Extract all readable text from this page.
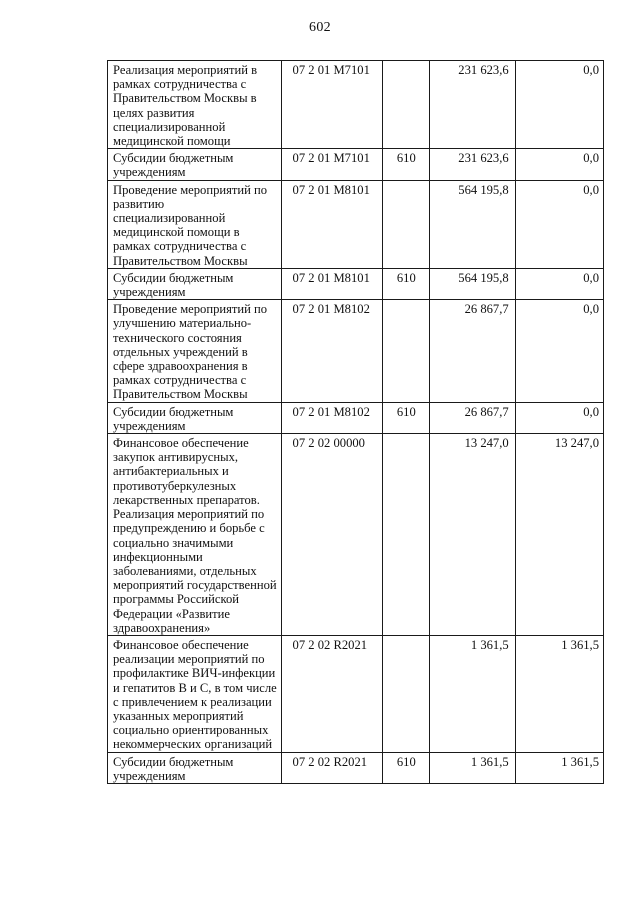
602
Реализация мероприятий в рамках сотрудничества с Правительством Москвы в целях развития специализированной медицинской помощи	07 2 01 M7101		231 623,6	0,0
Субсидии бюджетным учреждениям	07 2 01 M7101	610	231 623,6	0,0
Проведение мероприятий по развитию специализированной медицинской помощи в рамках сотрудничества с Правительством Москвы	07 2 01 M8101		564 195,8	0,0
Субсидии бюджетным учреждениям	07 2 01 M8101	610	564 195,8	0,0
Проведение мероприятий по улучшению материально-технического состояния отдельных учреждений в сфере здравоохранения в рамках сотрудничества с Правительством Москвы	07 2 01 M8102		26 867,7	0,0
Субсидии бюджетным учреждениям	07 2 01 M8102	610	26 867,7	0,0
Финансовое обеспечение закупок антивирусных, антибактериальных и противотуберкулезных лекарственных препаратов. Реализация мероприятий по предупреждению и борьбе с социально значимыми инфекционными заболеваниями, отдельных мероприятий государственной программы Российской Федерации «Развитие здравоохранения»	07 2 02 00000		13 247,0	13 247,0
Финансовое обеспечение реализации мероприятий по профилактике ВИЧ-инфекции и гепатитов B и C, в том числе с привлечением к реализации указанных мероприятий социально ориентированных некоммерческих организаций	07 2 02 R2021		1 361,5	1 361,5
Субсидии бюджетным учреждениям	07 2 02 R2021	610	1 361,5	1 361,5
